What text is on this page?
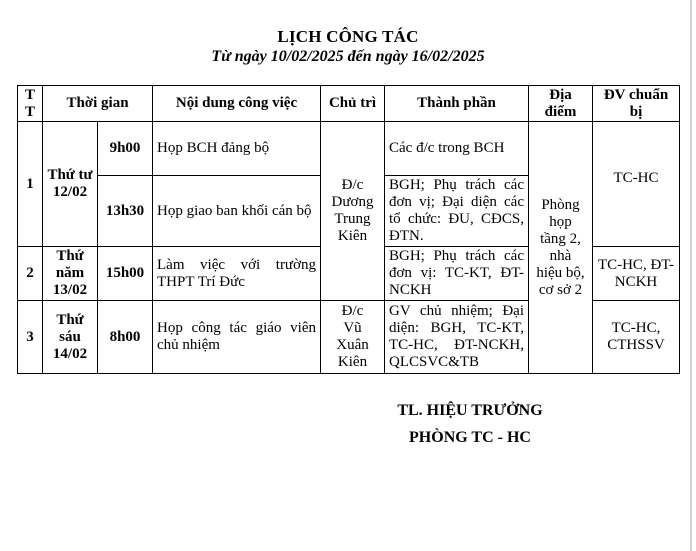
LỊCH CÔNG TÁC
Từ ngày 10/02/2025 đến ngày 16/02/2025
T T	Thời gian		Nội dung công việc	Chủ trì	Thành phần	Địa điểm	ĐV chuẩn bị
1	Thứ tư 12/02	9h00	Họp BCH đảng bộ	Đ/c Dương Trung Kiên	Các đ/c trong BCH	Phòng họp tầng 2, nhà hiệu bộ, cơ sở 2	TC-HC
		13h30	Họp giao ban khối cán bộ		BGH; Phụ trách các đơn vị; Đại diện các tổ chức: ĐU, CĐCS, ĐTN.		
2	Thứ năm 13/02	15h00	Làm việc với trường THPT Trí Đức		BGH; Phụ trách các đơn vị: TC-KT, ĐT-NCKH		TC-HC, ĐT-NCKH
3	Thứ sáu 14/02	8h00	Họp công tác giáo viên chủ nhiệm	Đ/c Vũ Xuân Kiên	GV chủ nhiệm; Đại diện: BGH, TC-KT, TC-HC, ĐT-NCKH, QLCSVC&TB		TC-HC, CTHSSV
TL. HIỆU TRƯỞNG
PHÒNG TC - HC
